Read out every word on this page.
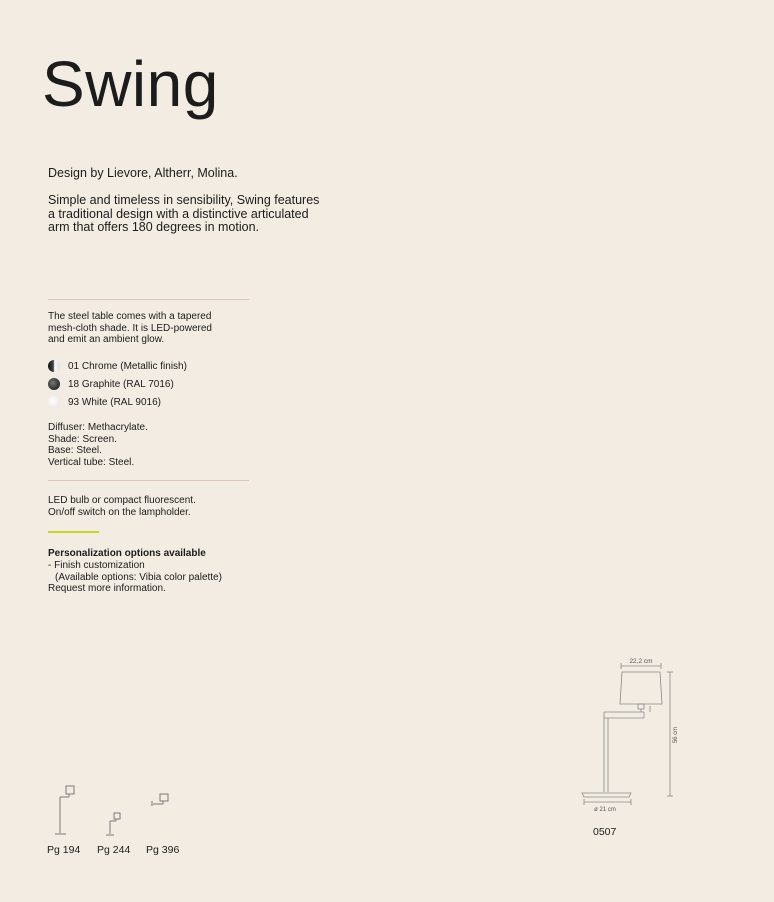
Swing
Design by Lievore, Altherr, Molina.
Simple and timeless in sensibility, Swing features
a traditional design with a distinctive articulated
arm that offers 180 degrees in motion.
The steel table comes with a tapered
mesh-cloth shade. It is LED-powered
and emit an ambient glow.
01 Chrome (Metallic finish)
18 Graphite (RAL 7016)
93 White (RAL 9016)
Diffuser: Methacrylate.
Shade: Screen.
Base: Steel.
Vertical tube: Steel.
LED bulb or compact fluorescent.
On/off switch on the lampholder.
Personalization options available
- Finish customization
(Available options: Vibia color palette)
Request more information.
Pg 194 Pg 244 Pg 396
22,2 cm
56 cm
ø 21 cm
0507
